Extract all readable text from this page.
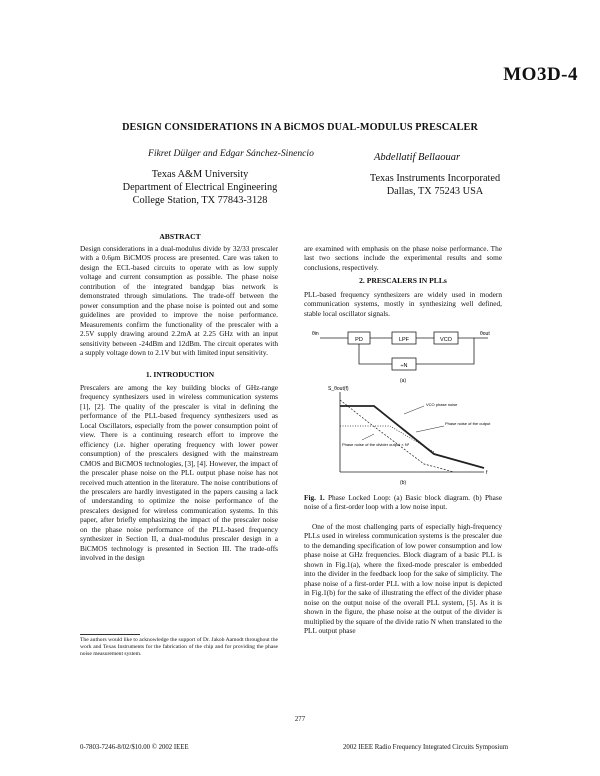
MO3D-4
DESIGN CONSIDERATIONS IN A BiCMOS DUAL-MODULUS PRESCALER
Fikret Dülger and Edgar Sánchez-Sinencio	Abdellatif Bellaouar
Texas A&M University
Department of Electrical Engineering
College Station, TX 77843-3128
Texas Instruments Incorporated
Dallas, TX 75243 USA
ABSTRACT

Design considerations in a dual-modulus divide by 32/33 prescaler with a 0.6μm BiCMOS process are presented. Care was taken to design the ECL-based circuits to operate with as low supply voltage and current consumption as possible. The phase noise contribution of the integrated bandgap bias network is demonstrated through simulations. The trade-off between the power consumption and the phase noise is pointed out and some guidelines are provided to improve the noise performance. Measurements confirm the functionality of the prescaler with a 2.5V supply drawing around 2.2mA at 2.25 GHz with an input sensitivity between -24dBm and 12dBm. The circuit operates with a supply voltage down to 2.1V but with limited input sensitivity.

1. INTRODUCTION

Prescalers are among the key building blocks of GHz-range frequency synthesizers used in wireless communication systems [1], [2]. The quality of the prescaler is vital in defining the performance of the PLL-based frequency synthesizers used as Local Oscillators, especially from the power consumption point of view. There is a continuing research effort to improve the efficiency (i.e. higher operating frequency with lower power consumption) of the prescalers designed with the mainstream CMOS and BiCMOS technologies, [3], [4]. However, the impact of the prescaler phase noise on the PLL output phase noise has not received much attention in the literature. The noise contributions of the prescalers are hardly investigated in the papers causing a lack of understanding to optimize the noise performance of the prescalers designed for wireless communication systems. In this paper, after briefly emphasizing the impact of the prescaler noise on the phase noise performance of the PLL-based frequency synthesizer in Section II, a dual-modulus prescaler design in a BiCMOS technology is presented in Section III. The trade-offs involved in the design

The authors would like to acknowledge the support of Dr. Jakob Aamodt throughout the work and Texas Instruments for the fabrication of the chip and for providing the phase noise measurement system.

are examined with emphasis on the phase noise performance. The last two sections include the experimental results and some conclusions, respectively.

2. PRESCALERS IN PLLs

PLL-based frequency synthesizers are widely used in modern communication systems, mostly in synthesizing well defined, stable local oscillator signals.

PD	LPF	VCO
÷N
θin	θout
(a)
S_θout(f)
f
VCO phase noise
Phase noise of the output
Phase noise of the divider output × N²
(b)
Fig. 1. Phase Locked Loop: (a) Basic block diagram. (b) Phase noise of a first-order loop with a low noise input.

One of the most challenging parts of especially high-frequency PLLs used in wireless communication systems is the prescaler due to the demanding specification of low power consumption and low phase noise at GHz frequencies. Block diagram of a basic PLL is shown in Fig.1(a), where the fixed-mode prescaler is embedded into the divider in the feedback loop for the sake of simplicity. The phase noise of a first-order PLL with a low noise input is depicted in Fig.1(b) for the sake of illustrating the effect of the divider phase noise on the output noise of the overall PLL system, [5]. As it is shown in the figure, the phase noise at the output of the divider is multiplied by the square of the divide ratio N when translated to the PLL output phase

277
0-7803-7246-8/02/$10.00 © 2002 IEEE	2002 IEEE Radio Frequency Integrated Circuits Symposium
